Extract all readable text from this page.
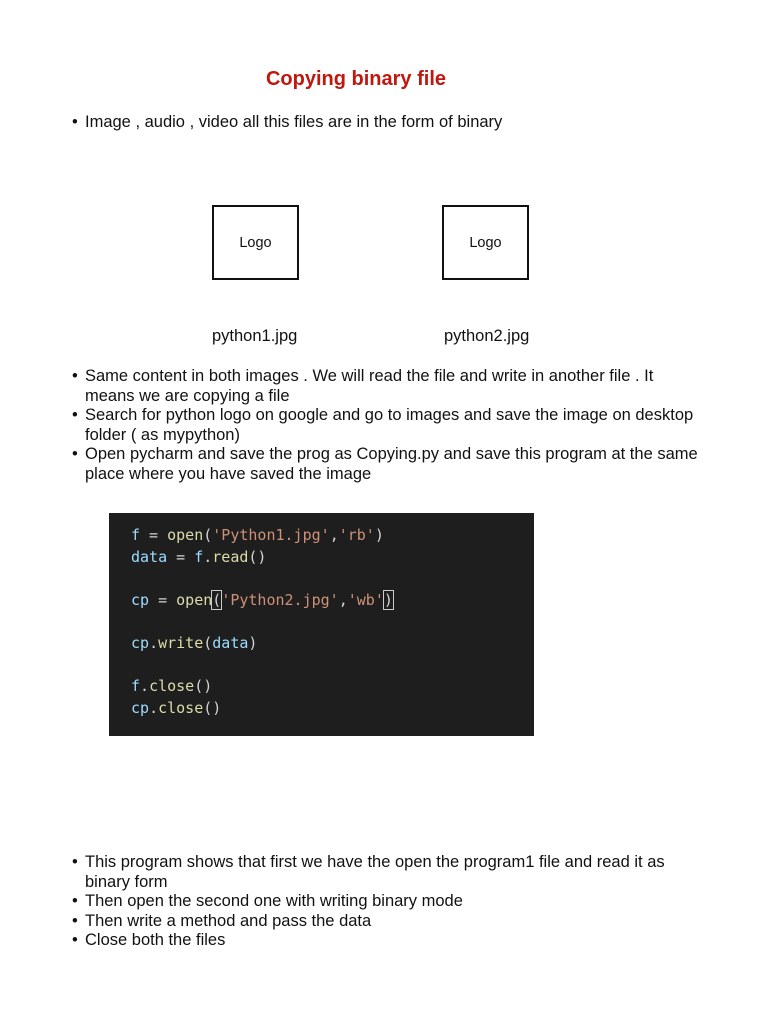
Copying binary file
• Image , audio , video all this files are in the form of binary
Logo	Logo
python1.jpg	python2.jpg
• Same content in both images . We will read the file and write in another file . It means we are copying a file
• Search for python logo on google and go to images and save the image on desktop folder ( as mypython)
• Open pycharm and save the prog as Copying.py and save this program at the same place where you have saved the image
f = open('Python1.jpg','rb')
data = f.read()
cp = open('Python2.jpg','wb')
cp.write(data)
f.close()
cp.close()
• This program shows that first we have the open the program1 file and read it as binary form
• Then open the second one with writing binary mode
• Then write a method and pass the data
• Close both the files
